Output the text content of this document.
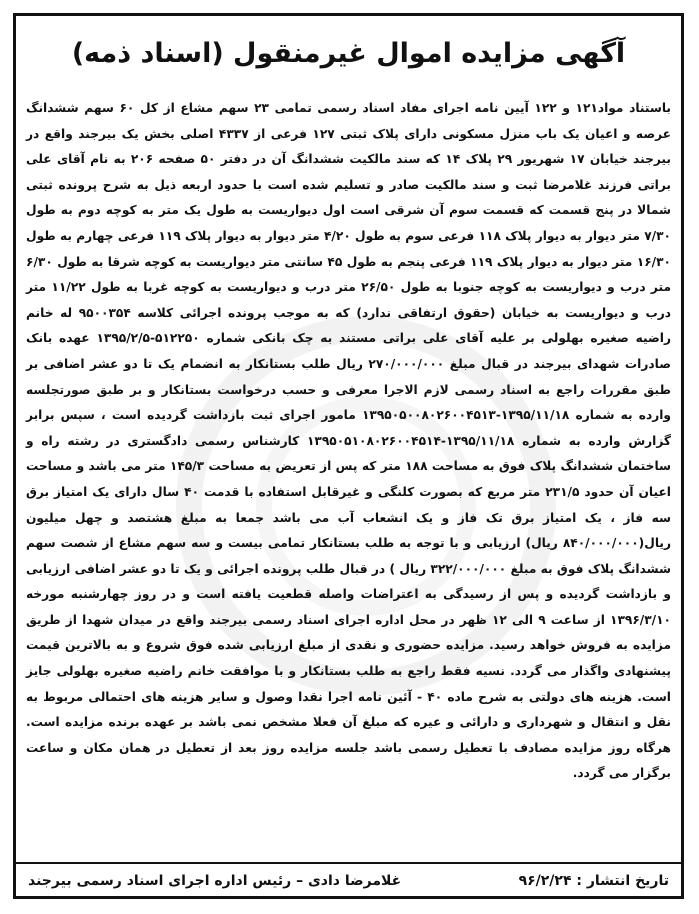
آگهی مزایده اموال غیرمنقول (اسناد ذمه)

باستناد مواد۱۲۱ و ۱۲۲ آیین نامه اجرای مفاد اسناد رسمی تمامی ۲۳ سهم مشاع از کل ۶۰ سهم ششدانگ عرصه و اعیان یک باب منزل مسکونی دارای پلاک ثبتی ۱۲۷ فرعی از ۴۳۳۷ اصلی بخش یک بیرجند واقع در بیرجند خیابان ۱۷ شهریور ۲۹ پلاک ۱۴ که سند مالکیت ششدانگ آن در دفتر ۵۰ صفحه ۲۰۶ به نام آقای علی براتی فرزند غلامرضا ثبت و سند مالکیت صادر و تسلیم شده است با حدود اربعه ذیل به شرح پرونده ثبتی شمالا در پنج قسمت که قسمت سوم آن شرقی است اول دیواریست به طول یک متر به کوچه دوم به طول ۷/۳۰ متر دیوار به دیوار پلاک ۱۱۸ فرعی سوم به طول ۴/۲۰ متر دیوار به دیوار پلاک ۱۱۹ فرعی چهارم به طول ۱۶/۳۰ متر دیوار به دیوار پلاک ۱۱۹ فرعی پنجم به طول ۴۵ سانتی متر دیواریست به کوچه شرقا به طول ۶/۳۰ متر درب و دیواریست به کوچه جنوبا به طول ۲۶/۵۰ متر درب و دیواریست به کوچه غربا به طول ۱۱/۲۲ متر درب و دیواریست به خیابان (حقوق ارتفاقی ندارد) که به موجب پرونده اجرائی کلاسه ۹۵۰۰۳۵۴ له خانم راضیه صغیره بهلولی بر علیه آقای علی براتی مستند به چک بانکی شماره ۵۱۲۲۵۰-۱۳۹۵/۲/۵ عهده بانک صادرات شهدای بیرجند در قبال مبلغ ۲۷۰/۰۰۰/۰۰۰ ریال طلب بستانکار به انضمام یک تا دو عشر اضافی بر طبق مقررات راجع به اسناد رسمی لازم الاجرا معرفی و حسب درخواست بستانکار و بر طبق صورتجلسه وارده به شماره ۱۳۹۵/۱۱/۱۸-۱۳۹۵۰۵۰۰۸۰۲۶۰۰۴۵۱۳ مامور اجرای ثبت بازداشت گردیده است ، سپس برابر گزارش وارده به شماره ۱۳۹۵/۱۱/۱۸-۱۳۹۵۰۵۱۰۸۰۲۶۰۰۴۵۱۴ کارشناس رسمی دادگستری در رشته راه و ساختمان ششدانگ پلاک فوق به مساحت ۱۸۸ متر که پس از تعریض به مساحت ۱۴۵/۳ متر می باشد و مساحت اعیان آن حدود ۲۳۱/۵ متر مربع که بصورت کلنگی و غیرقابل استفاده با قدمت ۴۰ سال دارای یک امتیاز برق سه فاز ، یک امتیاز برق تک فاز و یک انشعاب آب می باشد جمعا به مبلغ هشتصد و چهل میلیون ریال(۸۴۰/۰۰۰/۰۰۰ ریال) ارزیابی و با توجه به طلب بستانکار تمامی بیست و سه سهم مشاع از شصت سهم ششدانگ پلاک فوق به مبلغ ۳۲۲/۰۰۰/۰۰۰ ریال ) در قبال طلب پرونده اجرائی و یک تا دو عشر اضافی ارزیابی و بازداشت گردیده و پس از رسیدگی به اعتراضات واصله قطعیت یافته است و در روز چهارشنبه مورخه ۱۳۹۶/۳/۱۰ از ساعت ۹ الی ۱۲ ظهر در محل اداره اجرای اسناد رسمی بیرجند واقع در میدان شهدا از طریق مزایده به فروش خواهد رسید. مزایده حضوری و نقدی از مبلغ ارزیابی شده فوق شروع و به بالاترین قیمت پیشنهادی واگذار می گردد. نسیه فقط راجع به طلب بستانکار و با موافقت خانم راضیه صغیره بهلولی جایز است. هزینه های دولتی به شرح ماده ۴۰ - آئین نامه اجرا نقدا وصول و سایر هزینه های احتمالی مربوط به نقل و انتقال و شهرداری و دارائی و عیره که مبلغ آن فعلا مشخص نمی باشد بر عهده برنده مزایده است. هرگاه روز مزایده مصادف با تعطیل رسمی باشد جلسه مزایده روز بعد از تعطیل در همان مکان و ساعت برگزار می گردد.

تاریخ انتشار : ۹۶/۲/۲۴
غلامرضا دادی – رئیس اداره اجرای اسناد رسمی بیرجند
